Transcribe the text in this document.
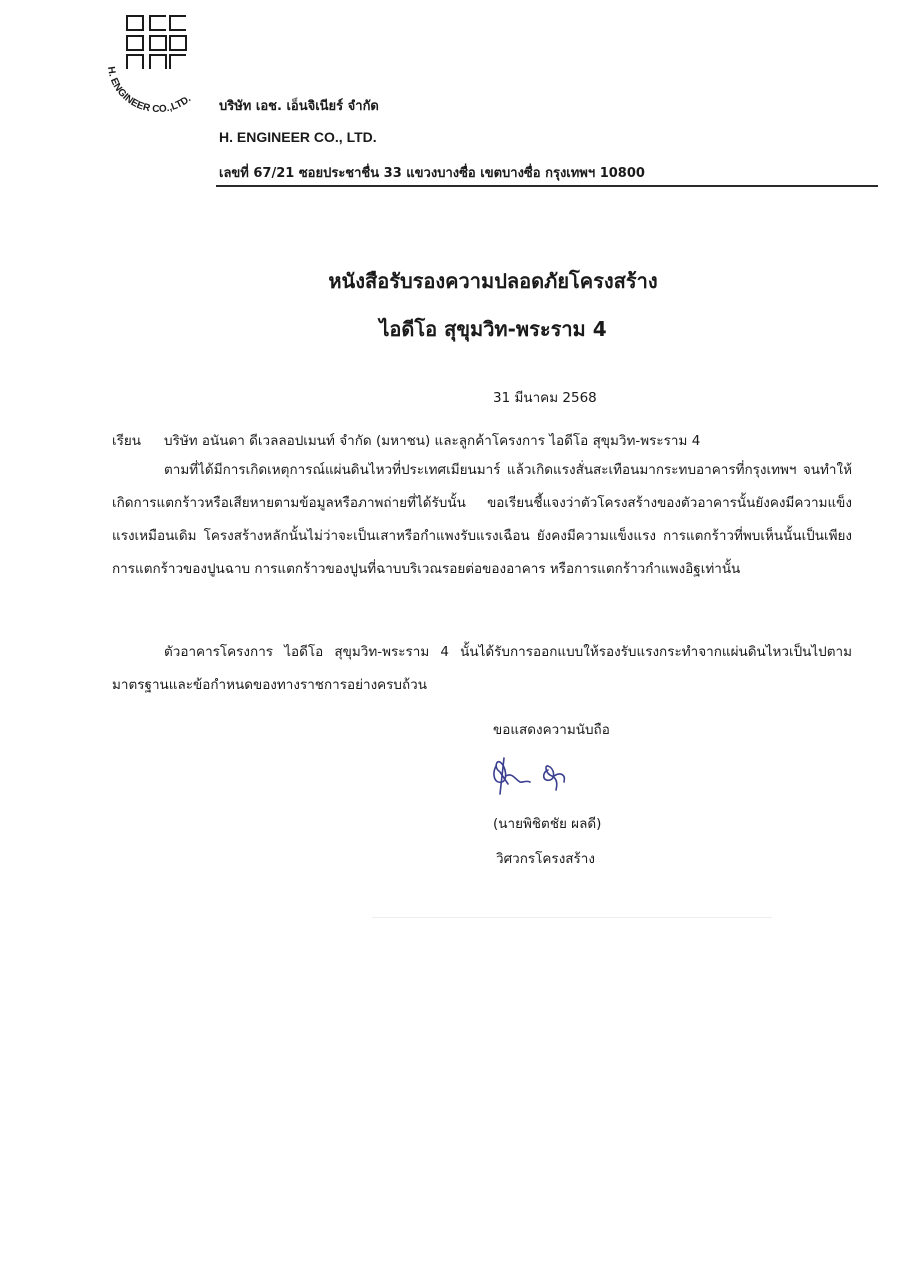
H. ENGINEER CO.,LTD.
บริษัท เอช. เอ็นจิเนียร์ จำกัด
H. ENGINEER CO., LTD.
เลขที่ 67/21 ซอยประชาชื่น 33 แขวงบางซื่อ เขตบางซื่อ กรุงเทพฯ 10800
หนังสือรับรองความปลอดภัยโครงสร้าง
ไอดีโอ สุขุมวิท-พระราม 4
31 มีนาคม 2568
เรียน บริษัท อนันดา ดีเวลลอปเมนท์ จำกัด (มหาชน) และลูกค้าโครงการ ไอดีโอ สุขุมวิท-พระราม 4

ตามที่ได้มีการเกิดเหตุการณ์แผ่นดินไหวที่ประเทศเมียนมาร์ แล้วเกิดแรงสั่นสะเทือนมากระทบอาคารที่กรุงเทพฯ จนทำให้เกิดการแตกร้าวหรือเสียหายตามข้อมูลหรือภาพถ่ายที่ได้รับนั้น ขอเรียนชี้แจงว่าตัวโครงสร้างของตัวอาคารนั้นยังคงมีความแข็งแรงเหมือนเดิม โครงสร้างหลักนั้นไม่ว่าจะเป็นเสาหรือกำแพงรับแรงเฉือน ยังคงมีความแข็งแรง การแตกร้าวที่พบเห็นนั้นเป็นเพียงการแตกร้าวของปูนฉาบ การแตกร้าวของปูนที่ฉาบบริเวณรอยต่อของอาคาร หรือการแตกร้าวกำแพงอิฐเท่านั้น

ตัวอาคารโครงการ ไอดีโอ สุขุมวิท-พระราม 4 นั้นได้รับการออกแบบให้รองรับแรงกระทำจากแผ่นดินไหวเป็นไปตามมาตรฐานและข้อกำหนดของทางราชการอย่างครบถ้วน

ขอแสดงความนับถือ
(นายพิชิตชัย ผลดี)
วิศวกรโครงสร้าง
